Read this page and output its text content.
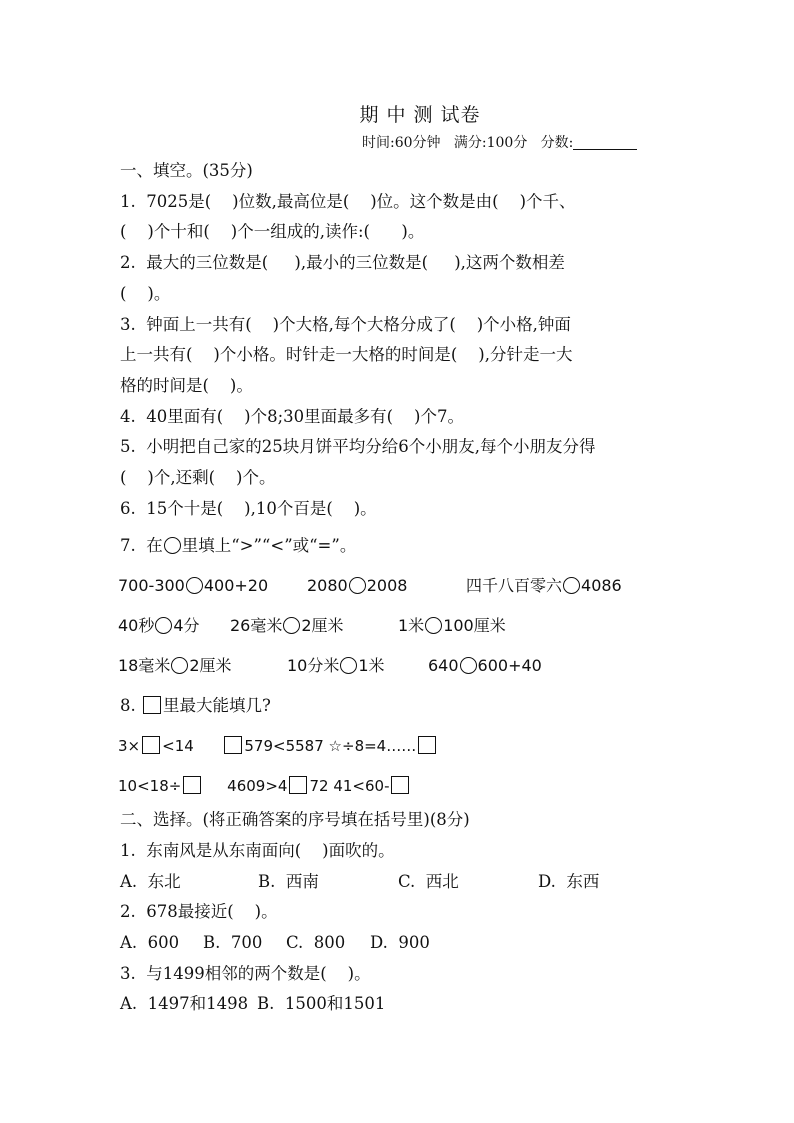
期 中 测 试卷
时间:60分钟   满分:100分   分数:
一、填空。(35分)
1.  7025是(    )位数,最高位是(    )位。这个数是由(    )个千、
(    )个十和(    )个一组成的,读作:(      )。
2.  最大的三位数是(     ),最小的三位数是(     ),这两个数相差
(    )。
3.  钟面上一共有(    )个大格,每个大格分成了(    )个小格,钟面
上一共有(    )个小格。时针走一大格的时间是(    ),分针走一大
格的时间是(    )。
4.  40里面有(    )个8;30里面最多有(    )个7。
5.  小明把自己家的25块月饼平均分给6个小朋友,每个小朋友分得
(    )个,还剩(    )个。
6.  15个十是(    ),10个百是(    )。
7.  在 里填上“>”“<”或“=”。
700-300 400+20 2080 2008	四千八百零六 4086
40秒 4分 26毫米 2厘米	1米 100厘米
18毫米 2厘米	10分米 1米	640 600+40
8. 里最大能填几?
3× <14	579<5587 ☆÷8=4……
10<18÷	4609>4 72 41<60-
二、选择。(将正确答案的序号填在括号里)(8分)
1.  东南风是从东南面向(    )面吹的。
A.  东北	B.  西南	C.  西北	D.  东西
2.  678最接近(    )。
A.  600 B.  700 C.  800 D.  900
3.  与1499相邻的两个数是(    )。
A.  1497和1498 B.  1500和1501
